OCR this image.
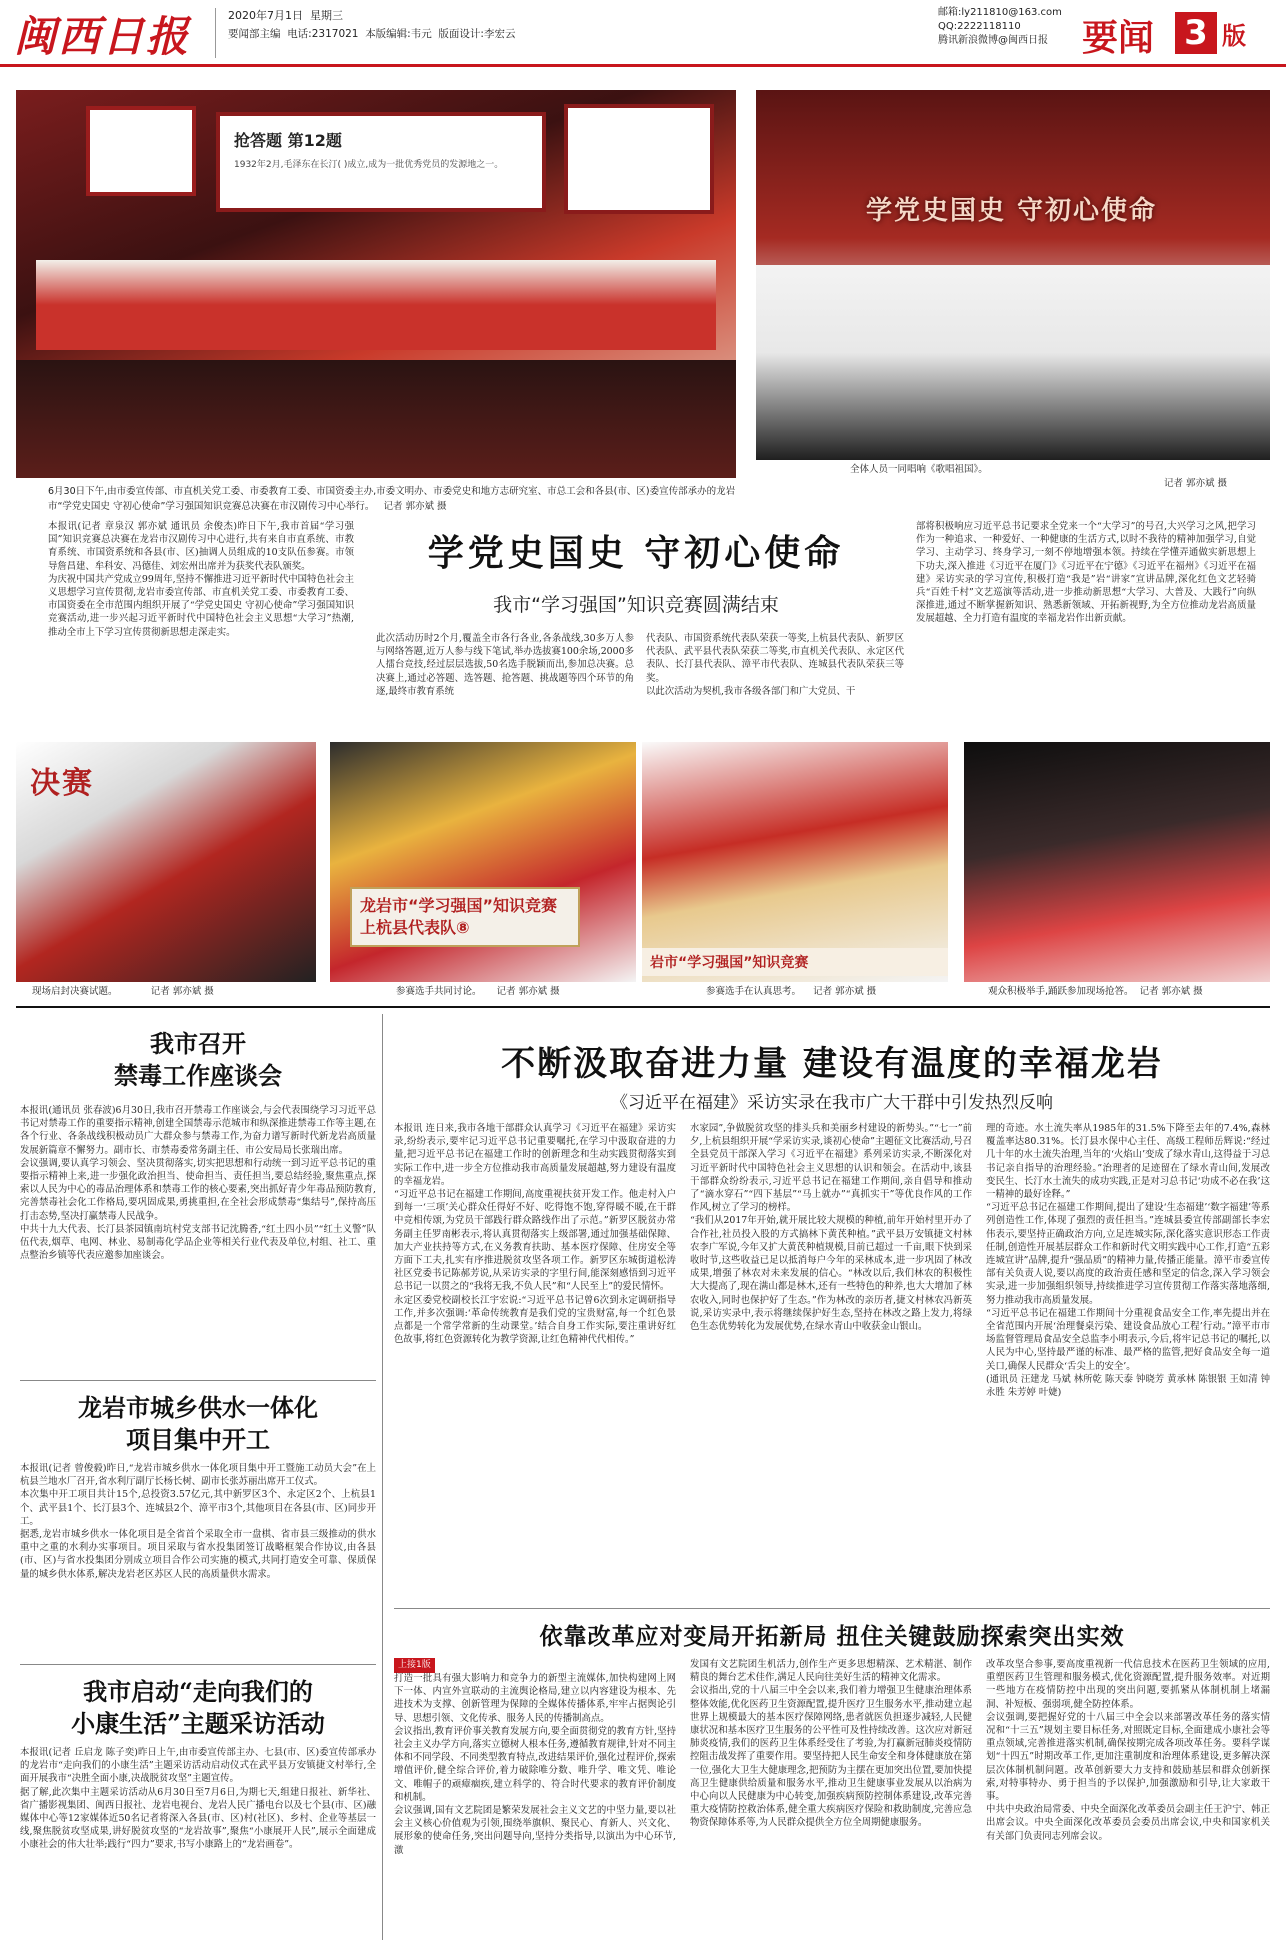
闽西日报	2020年7月1日 星期三
要闻部主编 电话:2317021 本版编辑:韦元 版面设计:李宏云
邮箱:ly211810@163.com
QQ:2222118110
腾讯新浪微博@闽西日报 要闻 3 版
抢答题 第12题
1932年2月,毛泽东在长汀( )成立,成为一批优秀党员的发源地之一。
6月30日下午,由市委宣传部、市直机关党工委、市委教育工委、市国资委主办,市委文明办、市委党史和地方志研究室、市总工会和各县(市、区)委宣传部承办的龙岩市“学党史国史 守初心使命”学习强国知识竞赛总决赛在市汉剧传习中心举行。 记者 郭亦斌 摄
学党史国史 守初心使命
全体人员一同唱响《歌唱祖国》。
记者 郭亦斌 摄
本报讯(记者 章泉汉 郭亦斌 通讯员 余俊杰)昨日下午,我市首届“学习强国”知识竞赛总决赛在龙岩市汉剧传习中心进行,共有来自市直系统、市教育系统、市国资系统和各县(市、区)抽调人员组成的10支队伍参赛。市领导詹昌建、牟科安、冯德佳、刘宏州出席并为获奖代表队颁奖。
为庆祝中国共产党成立99周年,坚持不懈推进习近平新时代中国特色社会主义思想学习宣传贯彻,龙岩市委宣传部、市直机关党工委、市委教育工委、市国资委在全市范围内组织开展了“学党史国史 守初心使命”学习强国知识竞赛活动,进一步兴起习近平新时代中国特色社会主义思想“大学习”热潮,推动全市上下学习宣传贯彻新思想走深走实。
学党史国史 守初心使命
我市“学习强国”知识竞赛圆满结束
此次活动历时2个月,覆盖全市各行各业,各条战线,30多万人参与网络答题,近万人参与线下笔试,举办选拔赛100余场,2000多人擂台竞技,经过层层选拔,50名选手脱颖而出,参加总决赛。总决赛上,通过必答题、选答题、抢答题、挑战题等四个环节的角逐,最终市教育系统
代表队、市国资系统代表队荣获一等奖,上杭县代表队、新罗区代表队、武平县代表队荣获二等奖,市直机关代表队、永定区代表队、长汀县代表队、漳平市代表队、连城县代表队荣获三等奖。
以此次活动为契机,我市各级各部门和广大党员、干
部将积极响应习近平总书记要求全党来一个“大学习”的号召,大兴学习之风,把学习作为一种追求、一种爱好、一种健康的生活方式,以时不我待的精神加强学习,自觉学习、主动学习、终身学习,一刻不停地增强本领。持续在学懂弄通做实新思想上下功夫,深入推进《习近平在厦门》《习近平在宁德》《习近平在福州》《习近平在福建》采访实录的学习宣传,积极打造“我是”岩“讲家”宣讲品牌,深化红色文艺轻骑兵“百姓千村”文艺巡演等活动,进一步推动新思想“大学习、大普及、大践行”向纵深推进,通过不断掌握新知识、熟悉新领域、开拓新视野,为全方位推动龙岩高质量发展超越、全力打造有温度的幸福龙岩作出新贡献。
决赛
现场启封决赛试题。	记者 郭亦斌 摄
龙岩市“学习强国”知识竞赛 上杭县代表队⑧
参赛选手共同讨论。 记者 郭亦斌 摄
岩市“学习强国”知识竞赛
参赛选手在认真思考。 记者 郭亦斌 摄	观众积极举手,踊跃参加现场抢答。 记者 郭亦斌 摄
我市召开
禁毒工作座谈会
本报讯(通讯员 张春波)6月30日,我市召开禁毒工作座谈会,与会代表围绕学习习近平总书记对禁毒工作的重要指示精神,创建全国禁毒示范城市和纵深推进禁毒工作等主题,在各个行业、各条战线积极动员广大群众参与禁毒工作,为奋力谱写新时代新龙岩高质量发展新篇章不懈努力。副市长、市禁毒委常务副主任、市公安局局长张瑞出席。
会议强调,要认真学习领会、坚决贯彻落实,切实把思想和行动统一到习近平总书记的重要指示精神上来,进一步强化政治担当、使命担当、责任担当,要总结经验,聚焦重点,探索以人民为中心的毒品治理体系和禁毒工作的核心要素,突出抓好青少年毒品预防教育,完善禁毒社会化工作格局,要巩固成果,勇挑重担,在全社会形成禁毒“集结号”,保持高压打击态势,坚决打赢禁毒人民战争。
中共十九大代表、长汀县茶园镇南坑村党支部书记沈腾香,“红土四小员”“红土义警”队伍代表,烟草、电网、林业、易制毒化学品企业等相关行业代表及单位,村组、社工、重点整治乡镇等代表应邀参加座谈会。
龙岩市城乡供水一体化
项目集中开工
本报讯(记者 曾俊毅)昨日,“龙岩市城乡供水一体化项目集中开工暨施工动员大会”在上杭县兰地水厂召开,省水利厅副厅长杨长树、副市长张苏丽出席开工仪式。
本次集中开工项目共计15个,总投资3.57亿元,其中新罗区3个、永定区2个、上杭县1个、武平县1个、长汀县3个、连城县2个、漳平市3个,其他项目在各县(市、区)同步开工。
据悉,龙岩市城乡供水一体化项目是全省首个采取全市一盘棋、省市县三级推动的供水重中之重的水利办实事项目。项目采取与省水投集团签订战略框架合作协议,由各县(市、区)与省水投集团分别成立项目合作公司实施的模式,共同打造安全可靠、保质保量的城乡供水体系,解决龙岩老区苏区人民的高质量供水需求。
我市启动“走向我们的
小康生活”主题采访活动
本报讯(记者 丘启龙 陈子奕)昨日上午,由市委宣传部主办、七县(市、区)委宣传部承办的龙岩市“走向我们的小康生活”主题采访活动启动仪式在武平县万安镇捷文村举行,全面开展我市“决胜全面小康,决战脱贫攻坚”主题宣传。
据了解,此次集中主题采访活动从6月30日至7月6日,为期七天,组建日报社、新华社、省广播影视集团、闽西日报社、龙岩电视台、龙岩人民广播电台以及七个县(市、区)融媒体中心等12家媒体近50名记者将深入各县(市、区)村(社区)、乡村、企业等基层一线,聚焦脱贫攻坚成果,讲好脱贫攻坚的“龙岩故事”,聚焦“小康展开人民”,展示全面建成小康社会的伟大壮举;践行“四力”要求,书写小康路上的“龙岩画卷”。
不断汲取奋进力量 建设有温度的幸福龙岩
《习近平在福建》采访实录在我市广大干群中引发热烈反响
本报讯 连日来,我市各地干部群众认真学习《习近平在福建》采访实录,纷纷表示,要牢记习近平总书记重要嘱托,在学习中汲取奋进的力量,把习近平总书记在福建工作时的创新理念和生动实践贯彻落实到实际工作中,进一步全方位推动我市高质量发展超越,努力建设有温度的幸福龙岩。
“习近平总书记在福建工作期间,高度重视扶贫开发工作。他走村入户到每一‘三项’关心群众任得好不好、吃得饱不饱,穿得暖不暖,在干群中竞相传颂,为党员干部践行群众路线作出了示范。”新罗区脱贫办常务副主任罗南彬表示,将认真贯彻落实上级部署,通过加强基础保障、加大产业扶持等方式,在义务教育扶助、基本医疗保障、住房安全等方面下工夫,扎实有序推进脱贫攻坚各项工作。新罗区东城街道松涛社区党委书记陈郝芳说,从采访实录的字里行间,能深刻感悟到习近平总书记一以贯之的“我将无我,不负人民”和“人民至上”的爱民情怀。
永定区委党校副校长江宇宏说:“习近平总书记曾6次到永定调研指导工作,并多次强调:‘革命传统教育是我们党的宝贵财富,每一个红色景点都是一个常学常新的生动课堂。’结合自身工作实际,要注重讲好红色故事,将红色资源转化为教学资源,让红色精神代代相传。”
水家园”,争做脱贫攻坚的排头兵和美丽乡村建设的新势头。”“七一”前夕,上杭县组织开展“学采访实录,谈初心使命”主题征文比赛活动,号召全县党员干部深入学习《习近平在福建》系列采访实录,不断深化对习近平新时代中国特色社会主义思想的认识和领会。在活动中,该县干部群众纷纷表示,习近平总书记在福建工作期间,亲自倡导和推动了“滴水穿石”“四下基层”“马上就办”“真抓实干”等优良作风的工作作风,树立了学习的榜样。
“我们从2017年开始,就开展比较大规模的种植,前年开始村里开办了合作社,社员投入股的方式搞林下黄芪种植。”武平县万安镇捷文村林农李广军说,今年又扩大黄芪种植规模,目前已超过一千亩,眼下快到采收时节,这些收益已足以抵消每户今年的采林成本,进一步巩固了林改成果,增强了林农对未来发展的信心。“林改以后,我们林农的积极性大大提高了,现在满山都是林木,还有一些特色的种养,也大大增加了林农收入,同时也保护好了生态。”作为林改的亲历者,捷文村林农冯新英说,采访实录中,表示将继续保护好生态,坚持在林改之路上发力,将绿色生态优势转化为发展优势,在绿水青山中收获金山银山。
理的奇迹。水土流失率从1985年的31.5%下降至去年的7.4%,森林覆盖率达80.31%。长汀县水保中心主任、高级工程师岳辉说:“经过几十年的水土流失治理,当年的‘火焰山’变成了绿水青山,这得益于习总书记亲自指导的治理经验。”治理者的足迹留在了绿水青山间,发展改变民生、长汀水土流失的成功实践,正是对习总书记‘功成不必在我’这一精神的最好诠释。”
“习近平总书记在福建工作期间,提出了建设‘生态福建’‘数字福建’等系列创造性工作,体现了强烈的责任担当。”连城县委宣传部副部长李宏伟表示,要坚持正确政治方向,立足连城实际,深化落实意识形态工作责任制,创造性开展基层群众工作和新时代文明实践中心工作,打造“五彩连城宣讲”品牌,提升“强品质”的精神力量,传播正能量。漳平市委宣传部有关负责人说,要以高度的政治责任感和坚定的信念,深入学习领会实录,进一步加强组织领导,持续推进学习宣传贯彻工作落实落地落细,努力推动我市高质量发展。
“习近平总书记在福建工作期间十分重视食品安全工作,率先提出并在全省范围内开展‘治理餐桌污染、建设食品放心工程’行动。”漳平市市场监督管理局食品安全总监李小明表示,今后,将牢记总书记的嘱托,以人民为中心,坚持最严谨的标准、最严格的监管,把好食品安全每一道关口,确保人民群众‘舌尖上的安全’。
(通讯员 汪建龙 马斌 林所乾 陈天泰 钟晓芳 黄承林 陈银银 王如清 钟永胜 朱芳婷 叶婕)
依靠改革应对变局开拓新局 扭住关键鼓励探索突出实效
上接1版
打造一批具有强大影响力和竞争力的新型主流媒体,加快构建网上网下一体、内宣外宣联动的主流舆论格局,建立以内容建设为根本、先进技术为支撑、创新管理为保障的全媒体传播体系,牢牢占据舆论引导、思想引领、文化传承、服务人民的传播制高点。
会议指出,教育评价事关教育发展方向,要全面贯彻党的教育方针,坚持社会主义办学方向,落实立德树人根本任务,遵循教育规律,针对不同主体和不同学段、不同类型教育特点,改进结果评价,强化过程评价,探索增值评价,健全综合评价,着力破除唯分数、唯升学、唯文凭、唯论文、唯帽子的顽瘴痼疾,建立科学的、符合时代要求的教育评价制度和机制。
会议强调,国有文艺院团是繁荣发展社会主义文艺的中坚力量,要以社会主义核心价值观为引领,围绕举旗帜、聚民心、育新人、兴文化、展形象的使命任务,突出问题导向,坚持分类指导,以演出为中心环节,激
发国有文艺院团生机活力,创作生产更多思想精深、艺术精湛、制作精良的舞台艺术佳作,满足人民向往美好生活的精神文化需求。
会议指出,党的十八届三中全会以来,我们着力增强卫生健康治理体系整体效能,优化医药卫生资源配置,提升医疗卫生服务水平,推动建立起世界上规模最大的基本医疗保障网络,患者就医负担逐步减轻,人民健康状况和基本医疗卫生服务的公平性可及性持续改善。这次应对新冠肺炎疫情,我们的医药卫生体系经受住了考验,为打赢新冠肺炎疫情防控阻击战发挥了重要作用。要坚持把人民生命安全和身体健康放在第一位,强化大卫生大健康理念,把预防为主摆在更加突出位置,要加快提高卫生健康供给质量和服务水平,推动卫生健康事业发展从以治病为中心向以人民健康为中心转变,加强疾病预防控制体系建设,改革完善重大疫情防控救治体系,健全重大疾病医疗保险和救助制度,完善应急物资保障体系等,为人民群众提供全方位全周期健康服务。
改革攻坚合参事,要高度重视新一代信息技术在医药卫生领域的应用,重塑医药卫生管理和服务模式,优化资源配置,提升服务效率。对近期一些地方在疫情防控中出现的突出问题,要抓紧从体制机制上堵漏洞、补短板、强弱项,健全防控体系。
会议强调,要把握好党的十八届三中全会以来部署改革任务的落实情况和“十三五”规划主要目标任务,对照既定目标,全面建成小康社会等重点领域,完善推进落实机制,确保按期完成各项改革任务。要科学谋划“十四五”时期改革工作,更加注重制度和治理体系建设,更多解决深层次体制机制问题。改革创新要大力支持和鼓励基层和群众创新探索,对特事特办、勇于担当的予以保护,加强激励和引导,让大家敢干事。
中共中央政治局常委、中央全面深化改革委员会副主任王沪宁、韩正出席会议。中央全面深化改革委员会委员出席会议,中央和国家机关有关部门负责同志列席会议。
